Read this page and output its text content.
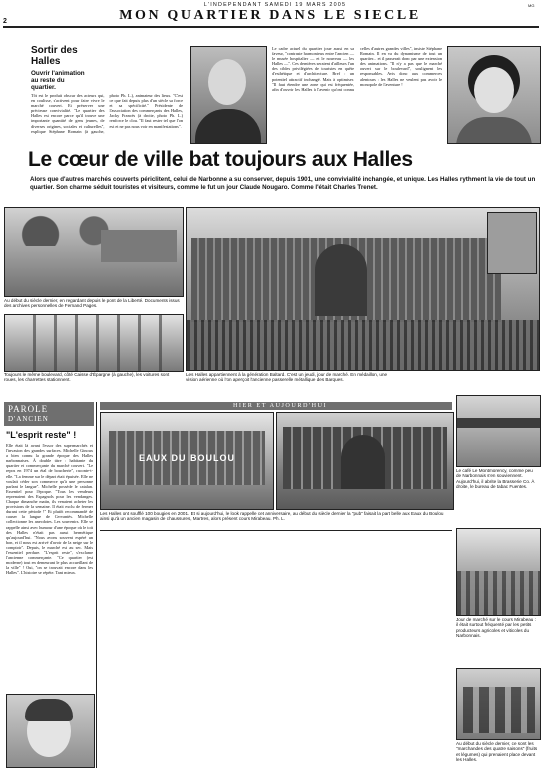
2
L'INDEPENDANT SAMEDI 19 MARS 2005
MON QUARTIER DANS LE SIECLE
MG
Sortir des Halles
Ouvrir l'animation au reste du quartier.
Tôt est le produit obscur des acteurs qui, en coulisse, s'activent pour faire vivre le marché couvert. Et préserver une précieuse convivialité. "Le quartier des Halles est encore parce qu'il trouve une importante quantité de gens jeunes, de diverses origines, sociales et culturelles", explique Stéphane Romain (à gauche, photo Ph. L.), animateur des lieux. "C'est ce que fait depuis plus d'un siècle sa force et sa spécificité." Présidente de l'association des commerçants des Halles, Jacky Francés (à droite, photo Ph. L.) renforce le clou. "Il faut rester tel que l'on est et ne pas nous voir en manifestations".
Le cadre actuel du quartier joue aussi en sa faveur, "contraste harmonieux entre l'ancien — le musée hospitalier — et le nouveau — les Halles —". Ces dernières seraient d'ailleurs l'un des cibles privilégiées de touristes en quête d'esthétique et d'architecture. Bref : un potentiel attractif inchangé. Mais à optimiser. "Il faut étendre une zone qui est fréquentée, afin d'ouvrir les Halles à l'avenir qu'ont connu celles d'autres grandes villes", insiste Stéphane Romain. Il en va du dynamisme de tout un quartier... et il passerait donc par une extension des animations. "Il n'y a pas que le marché ouvert sur le boulevard", soulignent les responsables. Avis donc aux commerces alentours : les Halles ne veulent pas avoir le monopole de l'aventure !
Le cœur de ville bat toujours aux Halles
Alors que d'autres marchés couverts périclitent, celui de Narbonne a su conserver, depuis 1901, une convivialité inchangée, et unique. Les Halles rythment la vie de tout un quartier. Son charme séduit touristes et visiteurs, comme le fut un jour Claude Nougaro. Comme l'était Charles Trenet.
Au début du siècle dernier, en regardant depuis le pont de la Liberté. Documents issus des archives personnelles de Fernand Pages.
Toujours le même boulevard, côté Caisse d'Épargne (à gauche), les voitures sont roues, les charrettes stationnent.
Les Halles appartiennent à la génération Baltard. C'est un jeudi, jour de marché. En médaillon, une vision aérienne où l'on aperçoit l'ancienne passerelle métallique des Barques.
PAROLE
D'ANCIEN
"L'esprit reste" !
Elle était là avant l'essor des supermarchés et l'invasion des grandes surfaces. Michelle Ginoux a bien connu la grande époque des Halles narbonnaises. À double titre : habitante du quartier et commerçante du marché couvert. "Le repos en 1974 un étal de boucherie", raconte-t-elle. "La femme sur le départ était épuisée. Elle ne voulait céder son commerce qu'à une personne parlant le langue". Michelle possède le catalan. Essentiel pour l'époque. "Tous les vendeurs reprenaient des Espagnols pour les vendanges. Chaque dimanche matin, ils venaient acheter les provisions de la semaine. Il était exclu de fermer durant cette période !" Et plutôt recommandé de causer la langue de Cervantès. Michelle collectionne les anecdotes. Les souvenirs. Elle se rappelle ainsi avec humour d'une époque où le toit des Halles n'était pas aussi hermétique qu'aujourd'hui. "Nous avons souvent espéré un bon, et il nous est arrivé d'avoir de la neige sur le comptoir". Depuis, le marché est au sec. Mais l'essentiel perdure. "L'esprit reste", s'exclame l'ancienne commerçante. "Ce quartier (est moderne) tout en demeurant le plus accueillant de la ville" ! Oui, "on se trouvait encore dans les Halles". L'histoire se répète. Tant mieux.
HIER ET AUJOURD'HUI
EAUX DU BOULOU
Les Halles ont soufflé 100 bougies en 2001. Et si aujourd'hui, le look rappelle cet anniversaire, au début du siècle dernier la "pub" faisait la part belle aux Eaux du Boulou ainsi qu'à un ancien magasin de chaussures, Martres, alors présent cours Mirabeau. Ph. L.
Le café Le Montmorency, comme peu de Narbonnais s'en souviennent. Aujourd'hui, il abrite la Brasserie Co. À droite, le bureau de tabac Fuentes.
Jour de marché sur le cours Mirabeau : il était surtout fréquenté par les petits producteurs agricoles et viticoles du Narbonnais.
Au début du siècle dernier, ce sont les "marchandes des quatre saisons" (fruits et légumes) qui prenaient place devant les Halles.
